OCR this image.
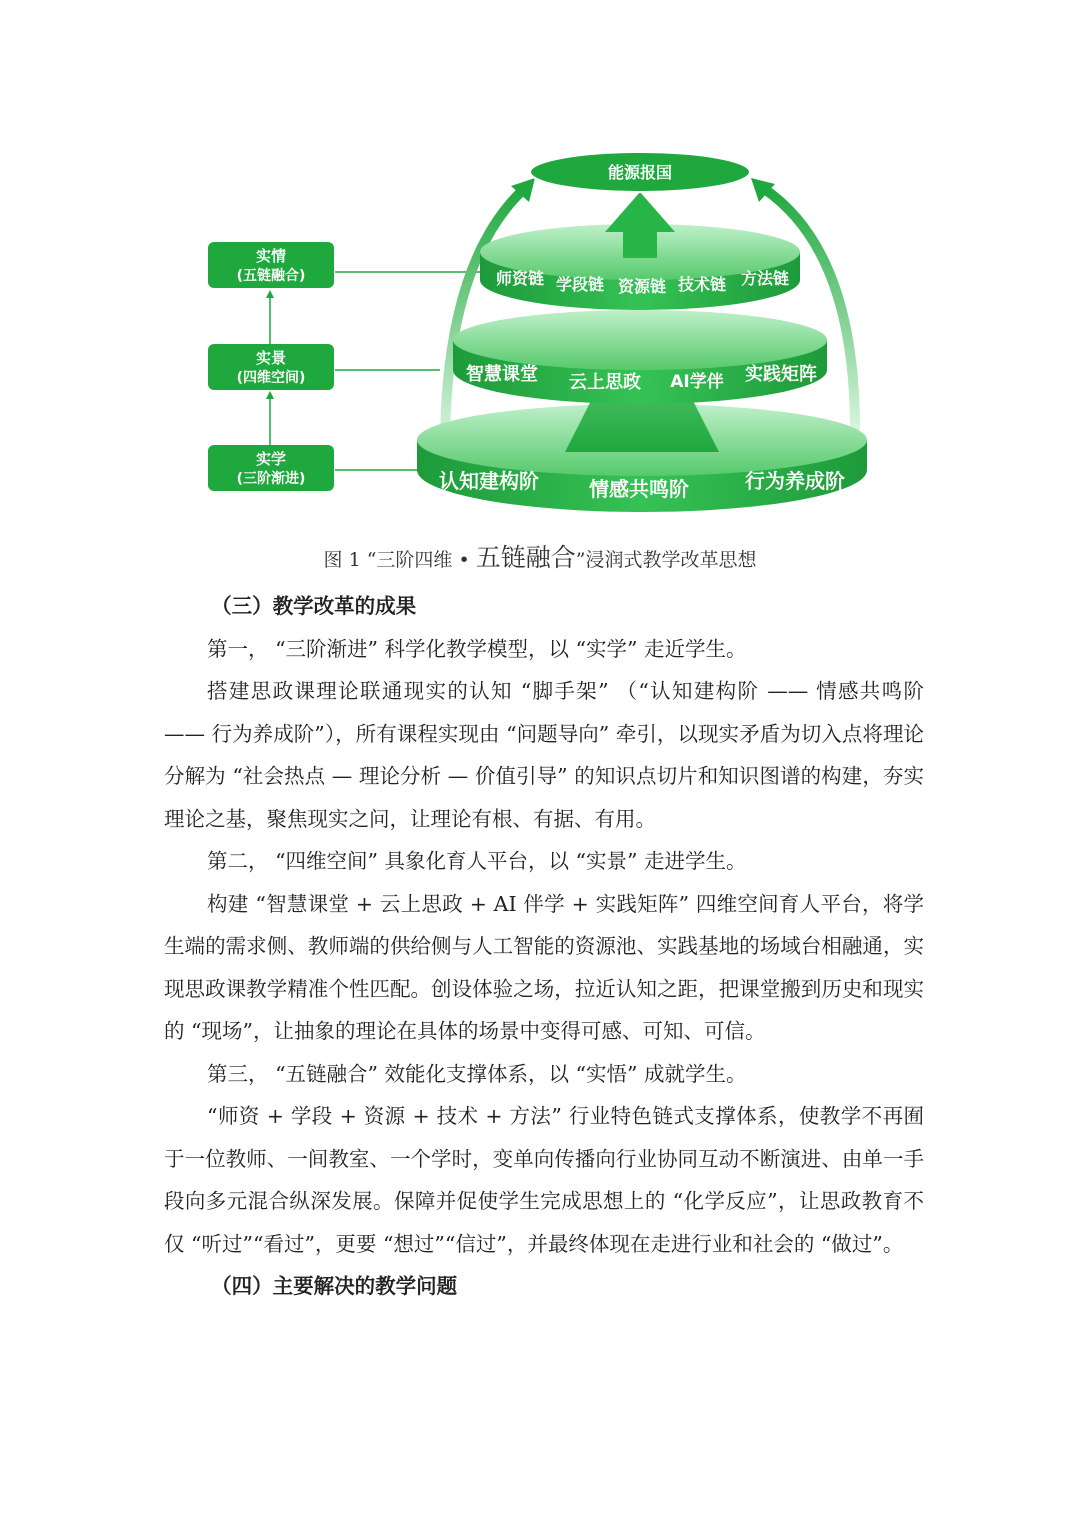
实情
(五链融合)
实景
(四维空间)
实学
(三阶渐进)
能源报国
师资链 学段链 资源链 技术链 方法链
智慧课堂 云上思政 AI学伴 实践矩阵
认知建构阶	情感共鸣阶	行为养成阶
图 1 “三阶四维 • 五链融合”浸润式教学改革思想

（三）教学改革的成果

第一， “三阶渐进” 科学化教学模型，以 “实学” 走近学生。

搭建思政课理论联通现实的认知 “脚手架” （“认知建构阶 —— 情感共鸣阶 —— 行为养成阶”），所有课程实现由 “问题导向” 牵引，以现实矛盾为切入点将理论分解为 “社会热点 — 理论分析 — 价值引导” 的知识点切片和知识图谱的构建，夯实理论之基，聚焦现实之问，让理论有根、有据、有用。

第二， “四维空间” 具象化育人平台，以 “实景” 走进学生。

构建 “智慧课堂 + 云上思政 + AI 伴学 + 实践矩阵” 四维空间育人平台，将学生端的需求侧、教师端的供给侧与人工智能的资源池、实践基地的场域台相融通，实现思政课教学精准个性匹配。创设体验之场，拉近认知之距，把课堂搬到历史和现实的 “现场”，让抽象的理论在具体的场景中变得可感、可知、可信。

第三， “五链融合” 效能化支撑体系，以 “实悟” 成就学生。

“师资 + 学段 + 资源 + 技术 + 方法” 行业特色链式支撑体系，使教学不再囿于一位教师、一间教室、一个学时，变单向传播向行业协同互动不断演进、由单一手段向多元混合纵深发展。保障并促使学生完成思想上的 “化学反应”，让思政教育不仅 “听过”“看过”，更要 “想过”“信过”，并最终体现在走进行业和社会的 “做过”。

（四）主要解决的教学问题
